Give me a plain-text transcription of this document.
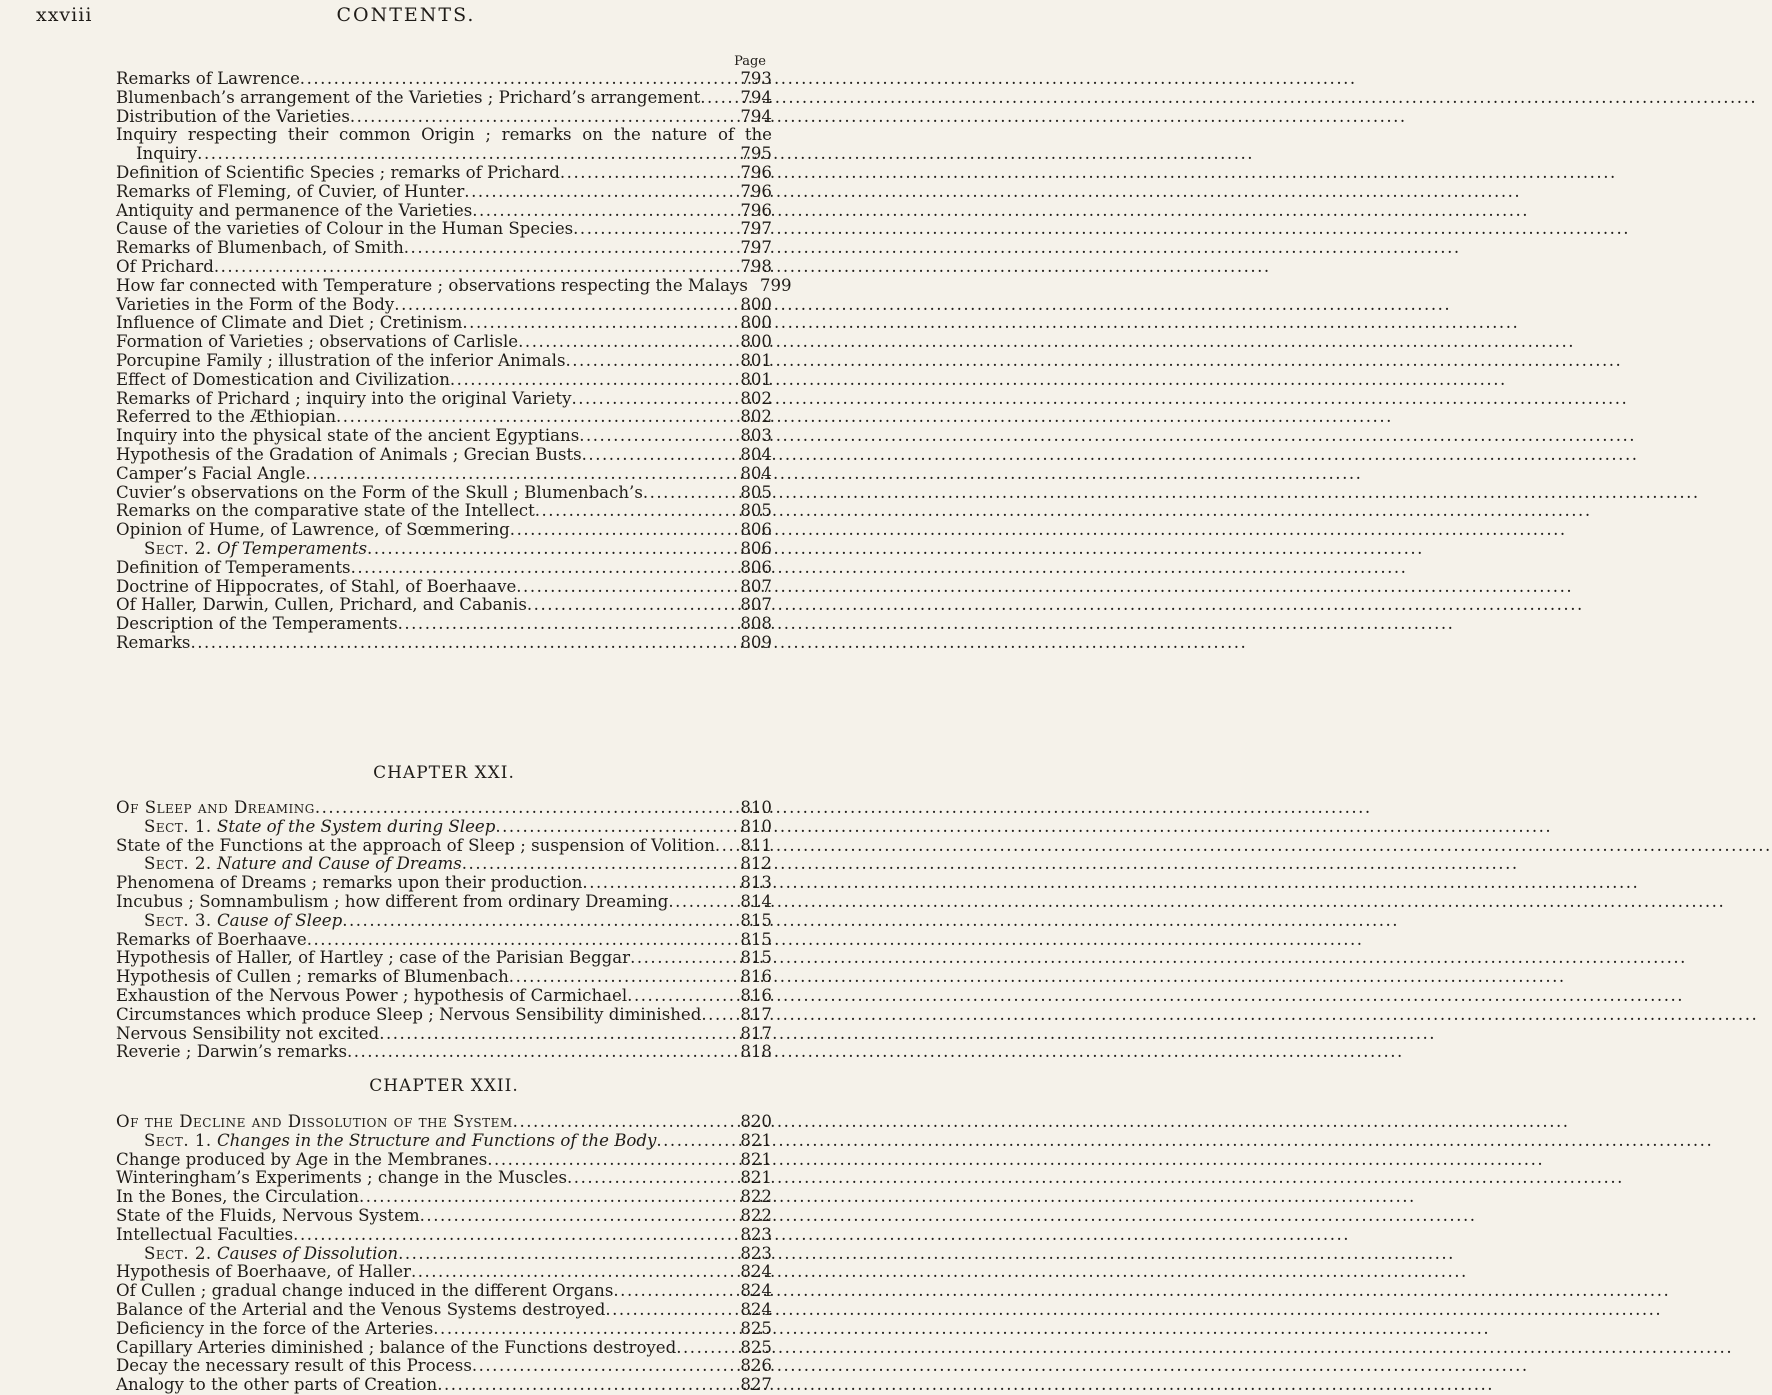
xxviii	CONTENTS.
Page
Remarks of Lawrence .....	793
Blumenbach’s arrangement of the Varieties ; Prichard’s arrangement ..... 794
Distribution of the Varieties .....	794
Inquiry respecting their common Origin ; remarks on the nature of the
Inquiry .....	795
Definition of Scientific Species ; remarks of Prichard .....	796
Remarks of Fleming, of Cuvier, of Hunter .....	796
Antiquity and permanence of the Varieties .....	796
Cause of the varieties of Colour in the Human Species .....	797
Remarks of Blumenbach, of Smith .....	797
Of Prichard .....	798
How far connected with Temperature ; observations respecting the Malays 799
Varieties in the Form of the Body .....	800
Influence of Climate and Diet ; Cretinism .....	800
Formation of Varieties ; observations of Carlisle .....	800
Porcupine Family ; illustration of the inferior Animals .....	801
Effect of Domestication and Civilization .....	801
Remarks of Prichard ; inquiry into the original Variety .....	802
Referred to the Æthiopian .....	802
Inquiry into the physical state of the ancient Egyptians .....	803
Hypothesis of the Gradation of Animals ; Grecian Busts .....	804
Camper’s Facial Angle .....	804
Cuvier’s observations on the Form of the Skull ; Blumenbach’s .....	805
Remarks on the comparative state of the Intellect .....	805
Opinion of Hume, of Lawrence, of Sœmmering .....	806
Sect. 2. Of Temperaments .....	806
Definition of Temperaments .....	806
Doctrine of Hippocrates, of Stahl, of Boerhaave .....	807
Of Haller, Darwin, Cullen, Prichard, and Cabanis .....	807
Description of the Temperaments .....	808
Remarks .....	809
CHAPTER XXI.
Of Sleep and Dreaming .....	810
Sect. 1. State of the System during Sleep .....	810
State of the Functions at the approach of Sleep ; suspension of Volition ..... 811
Sect. 2. Nature and Cause of Dreams .....	812
Phenomena of Dreams ; remarks upon their production .....	813
Incubus ; Somnambulism ; how different from ordinary Dreaming .....	814
Sect. 3. Cause of Sleep .....	815
Remarks of Boerhaave .....	815
Hypothesis of Haller, of Hartley ; case of the Parisian Beggar .....	815
Hypothesis of Cullen ; remarks of Blumenbach .....	816
Exhaustion of the Nervous Power ; hypothesis of Carmichael .....	816
Circumstances which produce Sleep ; Nervous Sensibility diminished ..... 817
Nervous Sensibility not excited .....	817
Reverie ; Darwin’s remarks .....	818
CHAPTER XXII.
Of the Decline and Dissolution of the System .....	820
Sect. 1. Changes in the Structure and Functions of the Body .....	821
Change produced by Age in the Membranes .....	821
Winteringham’s Experiments ; change in the Muscles .....	821
In the Bones, the Circulation .....	822
State of the Fluids, Nervous System .....	822
Intellectual Faculties .....	823
Sect. 2. Causes of Dissolution .....	823
Hypothesis of Boerhaave, of Haller .....	824
Of Cullen ; gradual change induced in the different Organs .....	824
Balance of the Arterial and the Venous Systems destroyed .....	824
Deficiency in the force of the Arteries .....	825
Capillary Arteries diminished ; balance of the Functions destroyed .....	825
Decay the necessary result of this Process .....	826
Analogy to the other parts of Creation .....	827
